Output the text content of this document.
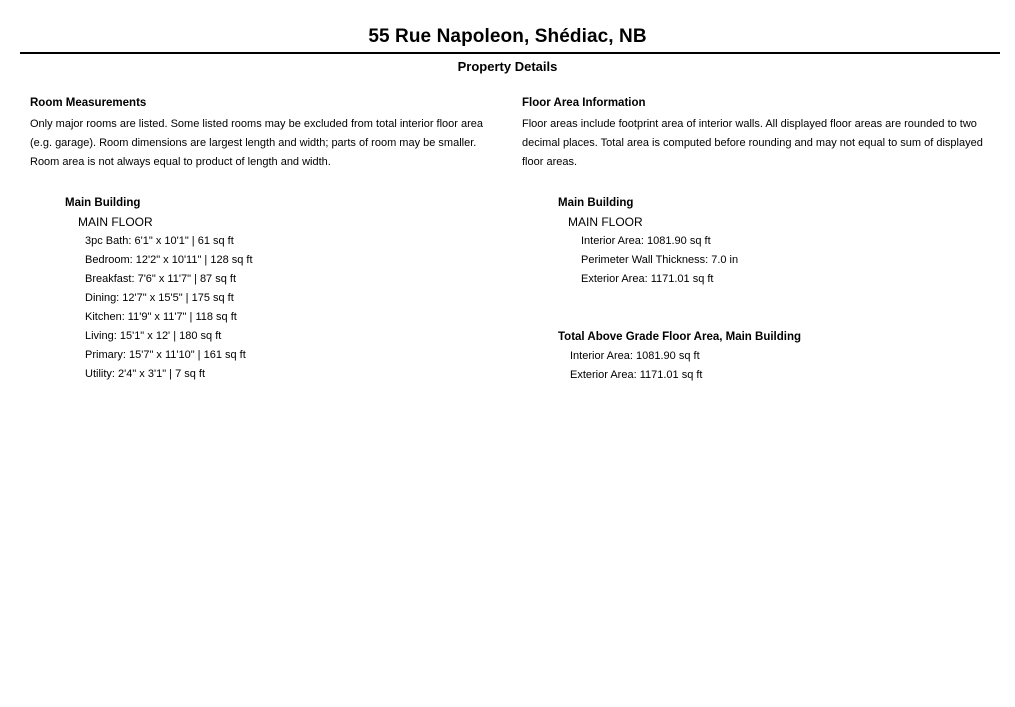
55 Rue Napoleon, Shédiac, NB
Property Details
Room Measurements

Only major rooms are listed. Some listed rooms may be excluded from total interior floor area (e.g. garage). Room dimensions are largest length and width; parts of room may be smaller. Room area is not always equal to product of length and width.

Main Building
MAIN FLOOR
3pc Bath: 6'1" x 10'1" | 61 sq ft
Bedroom: 12'2" x 10'11" | 128 sq ft
Breakfast: 7'6" x 11'7" | 87 sq ft
Dining: 12'7" x 15'5" | 175 sq ft
Kitchen: 11'9" x 11'7" | 118 sq ft
Living: 15'1" x 12' | 180 sq ft
Primary: 15'7" x 11'10" | 161 sq ft
Utility: 2'4" x 3'1" | 7 sq ft
Floor Area Information

Floor areas include footprint area of interior walls. All displayed floor areas are rounded to two decimal places. Total area is computed before rounding and may not equal to sum of displayed floor areas.

Main Building
MAIN FLOOR
Interior Area: 1081.90 sq ft
Perimeter Wall Thickness: 7.0 in
Exterior Area: 1171.01 sq ft
Total Above Grade Floor Area, Main Building
Interior Area: 1081.90 sq ft
Exterior Area: 1171.01 sq ft
